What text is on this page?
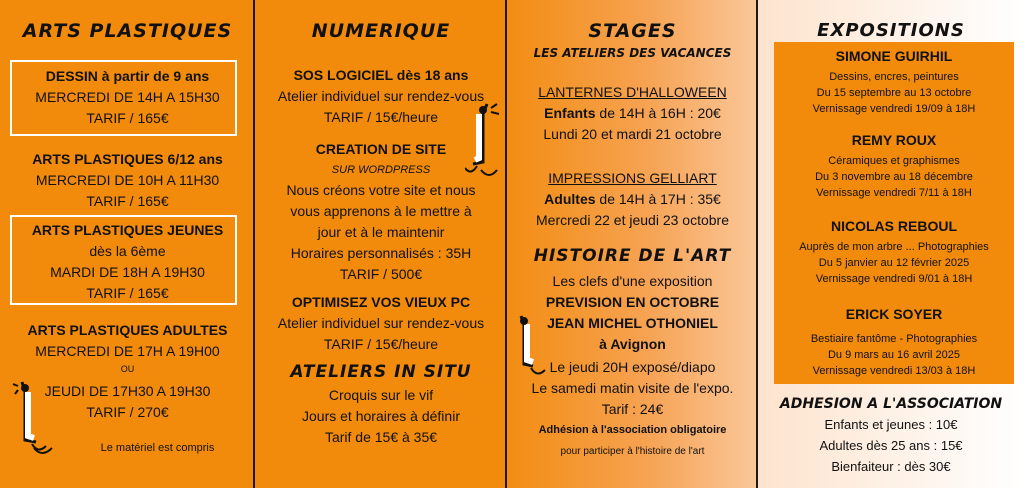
ARTS PLASTIQUES
DESSIN à partir de 9 ans
MERCREDI DE 14H A 15H30
TARIF / 165€
ARTS PLASTIQUES 6/12 ans
MERCREDI DE 10H A 11H30
TARIF / 165€
ARTS PLASTIQUES JEUNES
dès la 6ème
MARDI DE 18H A 19H30
TARIF / 165€
ARTS PLASTIQUES ADULTES
MERCREDI DE 17H A 19H00
OU
JEUDI DE 17H30 A 19H30
TARIF / 270€
Le matériel est compris
NUMERIQUE
SOS LOGICIEL dès 18 ans
Atelier individuel sur rendez-vous
TARIF / 15€/heure
CREATION DE SITE
SUR WORDPRESS
Nous créons votre site et nous
vous apprenons à le mettre à
jour et à le maintenir
Horaires personnalisés : 35H
TARIF / 500€
OPTIMISEZ VOS VIEUX PC
Atelier individuel sur rendez-vous
TARIF / 15€/heure
ATELIERS IN SITU
Croquis sur le vif
Jours et horaires à définir
Tarif de 15€ à 35€
STAGES
LES ATELIERS DES VACANCES
LANTERNES D'HALLOWEEN
Enfants de 14H à 16H : 20€
Lundi 20 et mardi 21 octobre
IMPRESSIONS GELLIART
Adultes de 14H à 17H : 35€
Mercredi 22 et jeudi 23 octobre
HISTOIRE DE L'ART
Les clefs d'une exposition
PREVISION EN OCTOBRE
JEAN MICHEL OTHONIEL
à Avignon
Le jeudi 20H exposé/diapo
Le samedi matin visite de l'expo.
Tarif : 24€
Adhésion à l'association obligatoire
pour participer à l'histoire de l'art
EXPOSITIONS
SIMONE GUIRHIL
Dessins, encres, peintures
Du 15 septembre au 13 octobre
Vernissage vendredi 19/09 à 18H
REMY ROUX
Céramiques et graphismes
Du 3 novembre au 18 décembre
Vernissage vendredi 7/11 à 18H
NICOLAS REBOUL
Auprès de mon arbre ... Photographies
Du 5 janvier au 12 février 2025
Vernissage vendredi 9/01 à 18H
ERICK SOYER
Bestiaire fantôme - Photographies
Du 9 mars au 16 avril 2025
Vernissage vendredi 13/03 à 18H
ADHESION A L'ASSOCIATION
Enfants et jeunes : 10€
Adultes dès 25 ans : 15€
Bienfaiteur : dès 30€
